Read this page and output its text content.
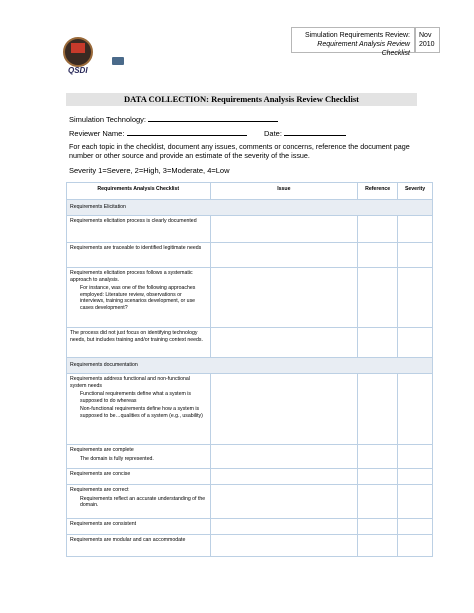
QSDI
Simulation Requirements Review:
Requirement Analysis Review Checklist
Nov
2010
DATA COLLECTION: Requirements Analysis Review Checklist
Simulation Technology:
Reviewer Name:	Date:
For each topic in the checklist, document any issues, comments or concerns, reference the document page number or other source and provide an estimate of the severity of the issue.
Severity 1=Severe, 2=High, 3=Moderate, 4=Low
Requirements Analysis Checklist	Issue	Reference	Severity
Requirements Elicitation			

Requirements elicitation process is clearly documented			

Requirements are traceable to identified legitimate needs			

Requirements elicitation process follows a systematic approach to analysis.
For instance, was one of the following approaches employed: Literature review, observations or interviews, training scenarios development, or use cases development?			

The process did not just focus on identifying technology needs, but includes training and/or training context needs.			

Requirements documentation			

Requirements address functional and non-functional system needs
Functional requirements define what a system is supposed to do whereas
Non-functional requirements define how a system is supposed to be…qualities of a system (e.g., usability)			

Requirements are complete
The domain is fully represented.			

Requirements are concise			

Requirements are correct
Requirements reflect an accurate understanding of the domain.			

Requirements are consistent			

Requirements are modular and can accommodate			
